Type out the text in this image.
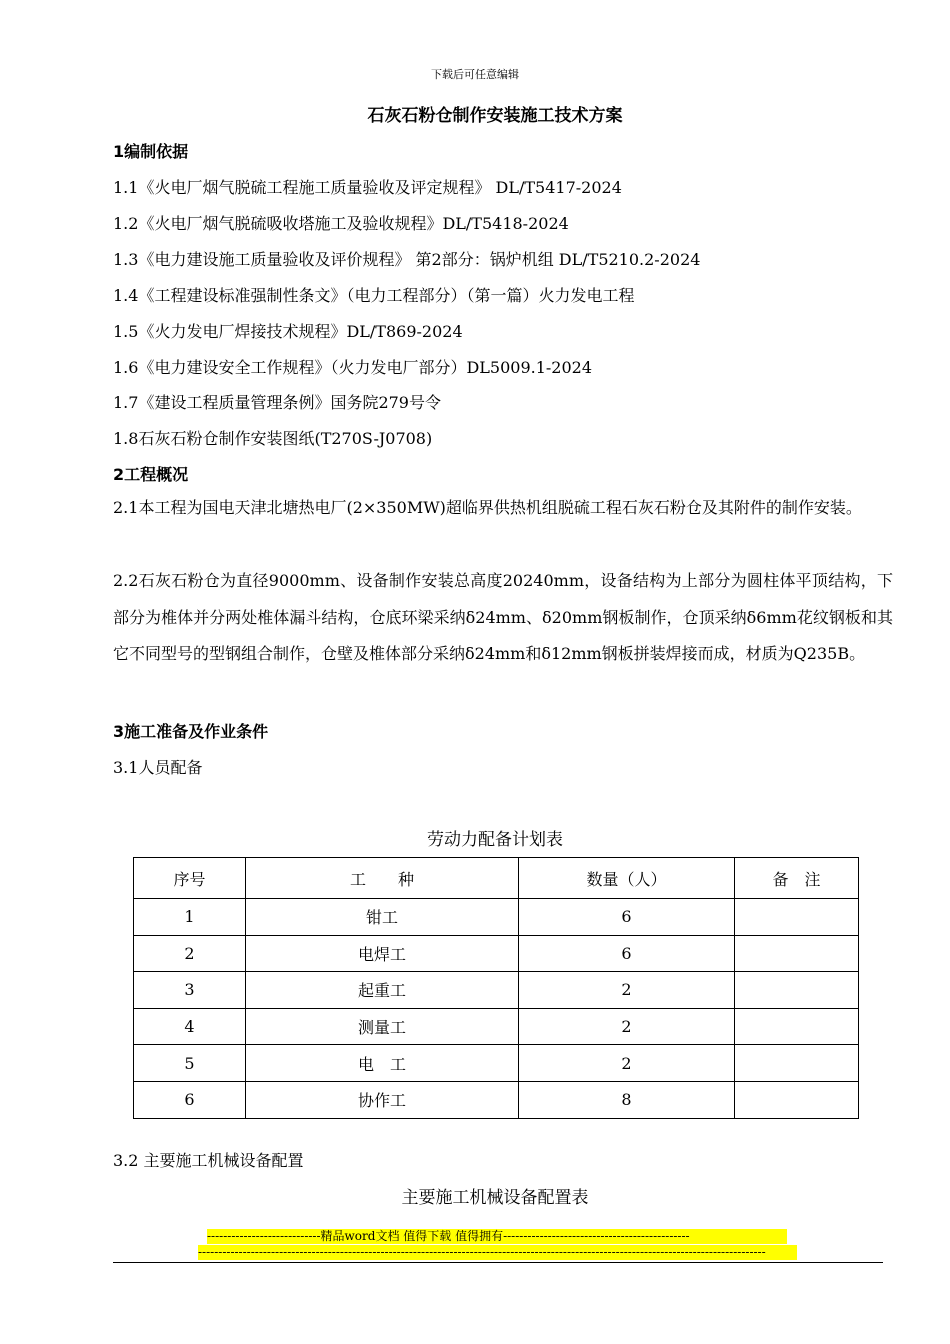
下载后可任意编辑
石灰石粉仓制作安装施工技术方案
1编制依据
1.1《火电厂烟气脱硫工程施工质量验收及评定规程》 DL/T5417-2024
1.2《火电厂烟气脱硫吸收塔施工及验收规程》DL/T5418-2024
1.3《电力建设施工质量验收及评价规程》 第2部分：锅炉机组 DL/T5210.2-2024
1.4《工程建设标准强制性条文》（电力工程部分）（第一篇）火力发电工程
1.5《火力发电厂焊接技术规程》DL/T869-2024
1.6《电力建设安全工作规程》（火力发电厂部分）DL5009.1-2024
1.7《建设工程质量管理条例》国务院279号令
1.8石灰石粉仓制作安装图纸(T270S-J0708)
2工程概况
2.1本工程为国电天津北塘热电厂(2×350MW)超临界供热机组脱硫工程石灰石粉仓及其附件的制作安装。
2.2石灰石粉仓为直径9000mm、设备制作安装总高度20240mm，设备结构为上部分为圆柱体平顶结构，下部分为椎体并分两处椎体漏斗结构，仓底环梁采纳δ24mm、δ20mm钢板制作，仓顶采纳δ6mm花纹钢板和其它不同型号的型钢组合制作，仓壁及椎体部分采纳δ24mm和δ12mm钢板拼装焊接而成，材质为Q235B。
3施工准备及作业条件
3.1人员配备
劳动力配备计划表
序号	工　　种	数量（人）	备　注
1	钳工	6	
2	电焊工	6	
3	起重工	2	
4	测量工	2	
5	电　工	2	
6	协作工	8	
3.2 主要施工机械设备配置
主要施工机械设备配置表
----------------------------精品word文档 值得下载 值得拥有----------------------------------------------
--------------------------------------------------------------------------------------------------------------------------------------------
